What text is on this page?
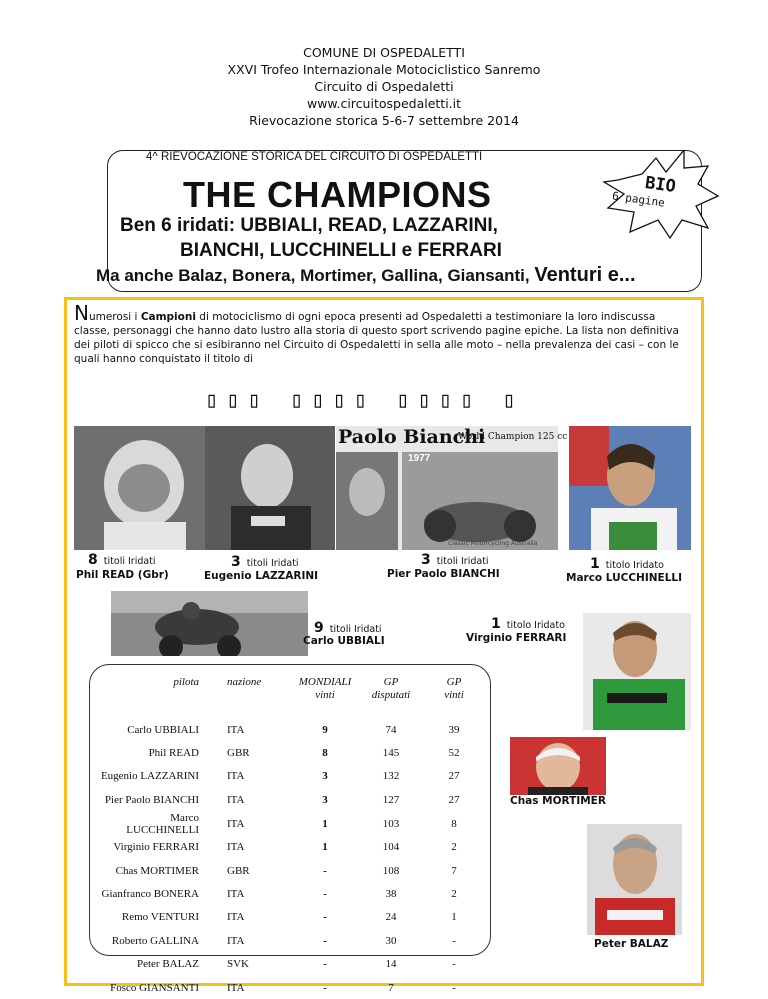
COMUNE DI OSPEDALETTI
XXVI Trofeo Internazionale Motociclistico Sanremo
Circuito di Ospedaletti
www.circuitospedaletti.it
Rievocazione storica 5-6-7 settembre 2014
4^ RIEVOCAZIONE STORICA DEL CIRCUITO DI OSPEDALETTI
THE CHAMPIONS
Ben 6 iridati: UBBIALI, READ, LAZZARINI,
BIANCHI, LUCCHINELLI e FERRARI
Ma anche Balaz, Bonera, Mortimer, Gallina, Giansanti, Venturi e...
BIO
6 pagine
Numerosi i Campioni di motociclismo di ogni epoca presenti ad Ospedaletti a testimoniare la loro indiscussa classe, personaggi che hanno dato lustro alla storia di questo sport scrivendo pagine epiche. La lista non definitiva dei piloti di spicco che si esibiranno nel Circuito di Ospedaletti in sella alle moto – nella prevalenza dei casi – con le quali hanno conquistato il titolo di
▯▯▯ ▯▯▯▯ ▯▯▯▯ ▯
Paolo Bianchi
World Champion 125 cc
1977
Classic Motorcycling Australia
8 titoli Iridati
Phil READ (Gbr)
3 titoli Iridati
Eugenio LAZZARINI
3 titoli Iridati
Pier Paolo BIANCHI
1 titolo Iridato
Marco LUCCHINELLI
9 titoli Iridati
Carlo UBBIALI
1 titolo Iridato
Virginio FERRARI
pilota	nazione	MONDIALI vinti	GP disputati	GP vinti
Carlo UBBIALI	ITA	9	74	39
Phil READ	GBR	8	145	52
Eugenio LAZZARINI	ITA	3	132	27
Pier Paolo BIANCHI	ITA	3	127	27
Marco LUCCHINELLI	ITA	1	103	8
Virginio FERRARI	ITA	1	104	2
Chas MORTIMER	GBR	-	108	7
Gianfranco BONERA	ITA	-	38	2
Remo VENTURI	ITA	-	24	1
Roberto GALLINA	ITA	-	30	-
Peter BALAZ	SVK	-	14	-
Fosco GIANSANTI	ITA	-	7	-
Chas MORTIMER
Peter BALAZ
